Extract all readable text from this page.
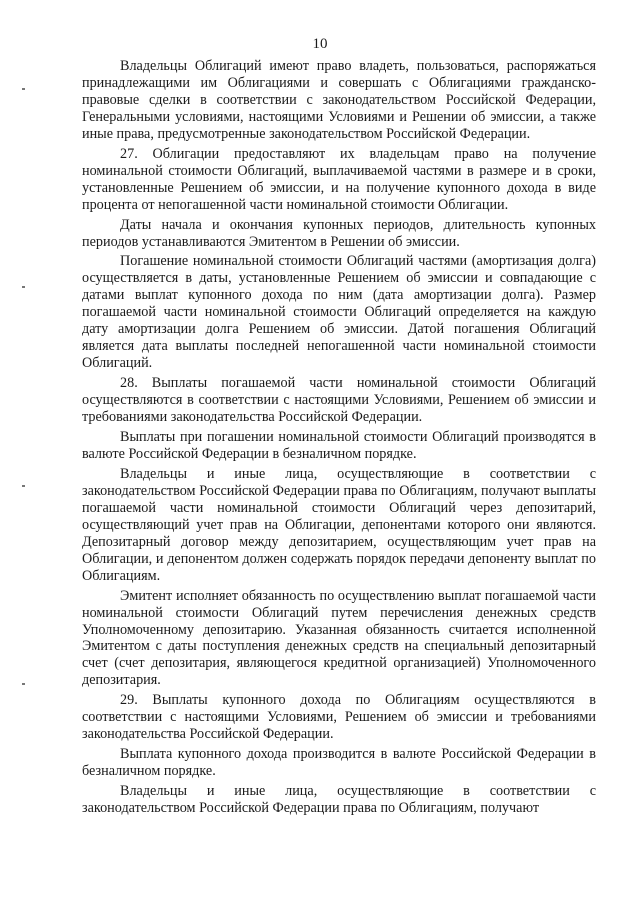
10

Владельцы Облигаций имеют право владеть, пользоваться, распоряжаться принадлежащими им Облигациями и совершать с Облигациями гражданско-правовые сделки в соответствии с законодательством Российской Федерации, Генеральными условиями, настоящими Условиями и Решении об эмиссии, а также иные права, предусмотренные законодательством Российской Федерации.

27. Облигации предоставляют их владельцам право на получение номинальной стоимости Облигаций, выплачиваемой частями в размере и в сроки, установленные Решением об эмиссии, и на получение купонного дохода в виде процента от непогашенной части номинальной стоимости Облигации.

Даты начала и окончания купонных периодов, длительность купонных периодов устанавливаются Эмитентом в Решении об эмиссии.

Погашение номинальной стоимости Облигаций частями (амортизация долга) осуществляется в даты, установленные Решением об эмиссии и совпадающие с датами выплат купонного дохода по ним (дата амортизации долга). Размер погашаемой части номинальной стоимости Облигаций определяется на каждую дату амортизации долга Решением об эмиссии. Датой погашения Облигаций является дата выплаты последней непогашенной части номинальной стоимости Облигаций.

28. Выплаты погашаемой части номинальной стоимости Облигаций осуществляются в соответствии с настоящими Условиями, Решением об эмиссии и требованиями законодательства Российской Федерации.

Выплаты при погашении номинальной стоимости Облигаций производятся в валюте Российской Федерации в безналичном порядке.

Владельцы и иные лица, осуществляющие в соответствии с законодательством Российской Федерации права по Облигациям, получают выплаты погашаемой части номинальной стоимости Облигаций через депозитарий, осуществляющий учет прав на Облигации, депонентами которого они являются. Депозитарный договор между депозитарием, осуществляющим учет прав на Облигации, и депонентом должен содержать порядок передачи депоненту выплат по Облигациям.

Эмитент исполняет обязанность по осуществлению выплат погашаемой части номинальной стоимости Облигаций путем перечисления денежных средств Уполномоченному депозитарию. Указанная обязанность считается исполненной Эмитентом с даты поступления денежных средств на специальный депозитарный счет (счет депозитария, являющегося кредитной организацией) Уполномоченного депозитария.

29. Выплаты купонного дохода по Облигациям осуществляются в соответствии с настоящими Условиями, Решением об эмиссии и требованиями законодательства Российской Федерации.

Выплата купонного дохода производится в валюте Российской Федерации в безналичном порядке.

Владельцы и иные лица, осуществляющие в соответствии с законодательством Российской Федерации права по Облигациям, получают
